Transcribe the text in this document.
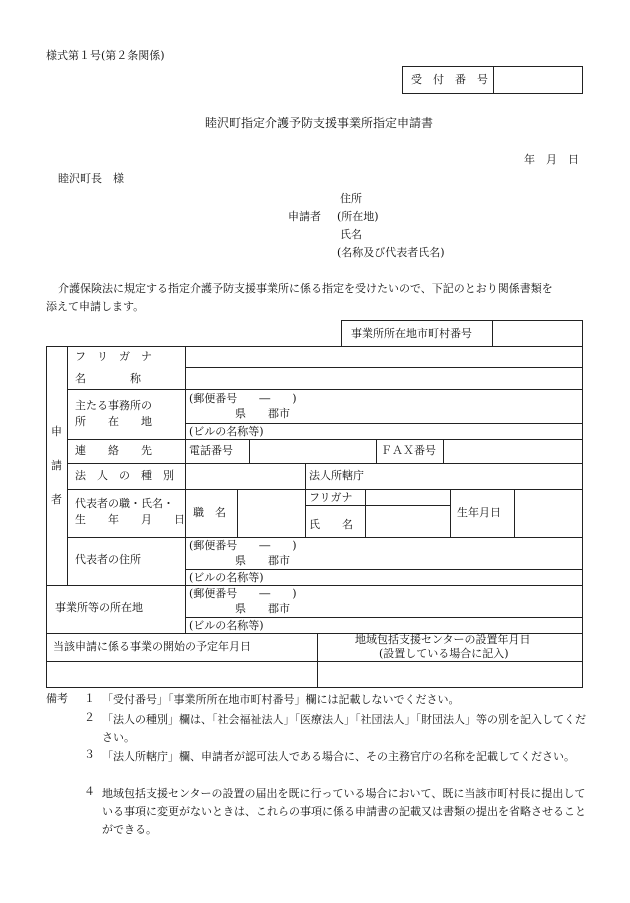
様式第１号(第２条関係)
受　付　番　号
睦沢町指定介護予防支援事業所指定申請書
年　月　日
睦沢町長　様
住所
申請者 (所在地)
氏名
(名称及び代表者氏名)
介護保険法に規定する指定介護予防支援事業所に係る指定を受けたいので、下記のとおり関係書類を
添えて申請します。
事業所所在地市町村番号
申
請
者
フ　リ　ガ　ナ
名　　　　称
主たる事務所の
所　　在　　地
(郵便番号　　―　　)
県　　郡市
(ビルの名称等)
連　　絡　　先	電話番号	ＦＡＸ番号
法　人　の　種　別	法人所轄庁
代表者の職・氏名・
生　　年　　月　　日
職　名
フリガナ
氏　　名
生年月日
代表者の住所
(郵便番号　　―　　)
県　　郡市
(ビルの名称等)
事業所等の所在地
(郵便番号　　―　　)
県　　郡市
(ビルの名称等)
当該申請に係る事業の開始の予定年月日
地域包括支援センターの設置年月日
(設置している場合に記入)
備考 １ 「受付番号」「事業所所在地市町村番号」欄には記載しないでください。
２ 「法人の種別」欄は、「社会福祉法人」「医療法人」「社団法人」「財団法人」等の別を記入してください。
３ 「法人所轄庁」欄、申請者が認可法人である場合に、その主務官庁の名称を記載してください。
４ 地域包括支援センターの設置の届出を既に行っている場合において、既に当該市町村長に提出している事項に変更がないときは、これらの事項に係る申請書の記載又は書類の提出を省略させることができる。
